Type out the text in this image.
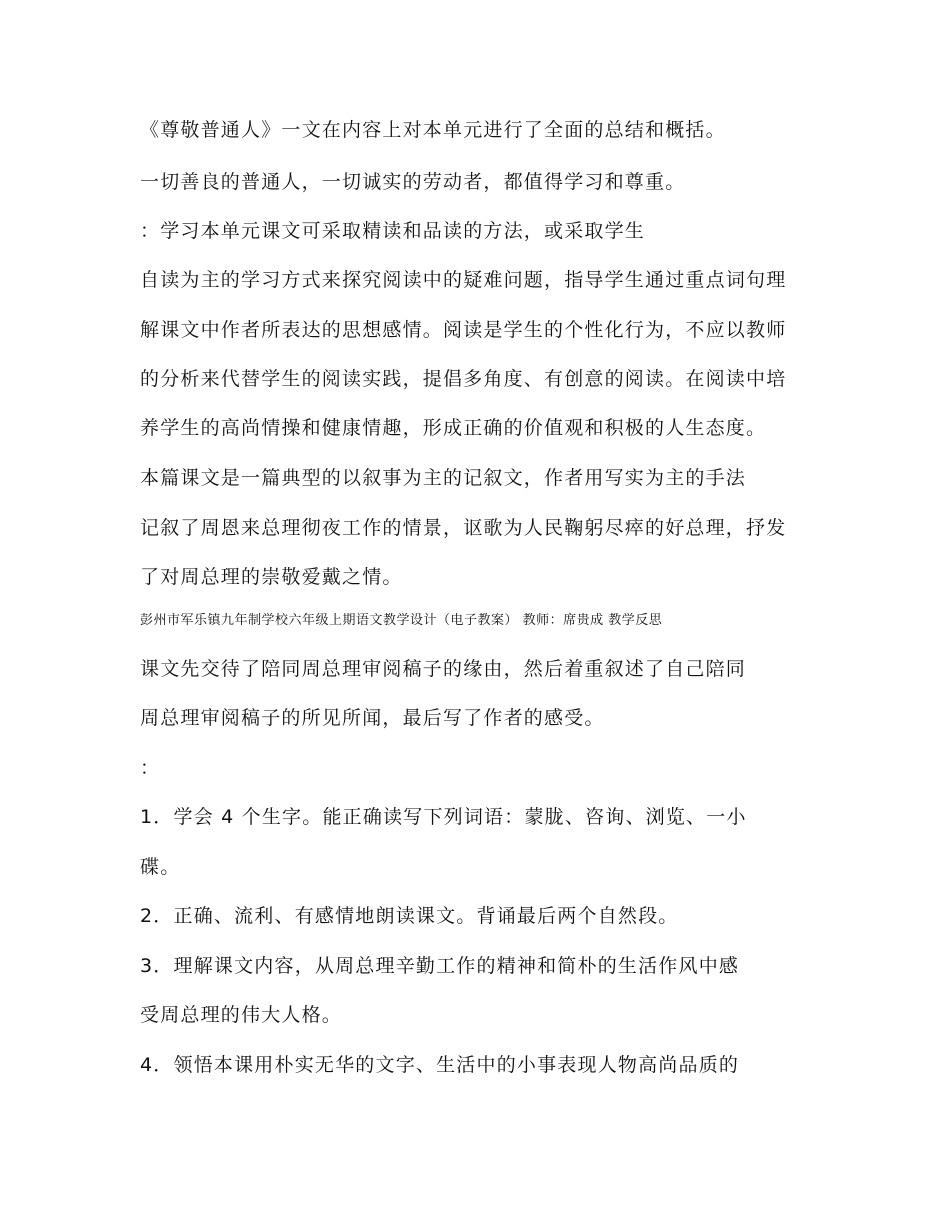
《尊敬普通人》一文在内容上对本单元进行了全面的总结和概括。
一切善良的普通人，一切诚实的劳动者，都值得学习和尊重。
：学习本单元课文可采取精读和品读的方法，或采取学生
自读为主的学习方式来探究阅读中的疑难问题，指导学生通过重点词句理
解课文中作者所表达的思想感情。阅读是学生的个性化行为，不应以教师
的分析来代替学生的阅读实践，提倡多角度、有创意的阅读。在阅读中培
养学生的高尚情操和健康情趣，形成正确的价值观和积极的人生态度。
本篇课文是一篇典型的以叙事为主的记叙文，作者用写实为主的手法
记叙了周恩来总理彻夜工作的情景，讴歌为人民鞠躬尽瘁的好总理，抒发
了对周总理的崇敬爱戴之情。
彭州市军乐镇九年制学校六年级上期语文教学设计（电子教案） 教师：席贵成 教学反思
课文先交待了陪同周总理审阅稿子的缘由，然后着重叙述了自己陪同
周总理审阅稿子的所见所闻，最后写了作者的感受。
：
1．学会 4 个生字。能正确读写下列词语：蒙胧、咨询、浏览、一小
碟。
2．正确、流利、有感情地朗读课文。背诵最后两个自然段。
3．理解课文内容，从周总理辛勤工作的精神和简朴的生活作风中感
受周总理的伟大人格。
4．领悟本课用朴实无华的文字、生活中的小事表现人物高尚品质的
